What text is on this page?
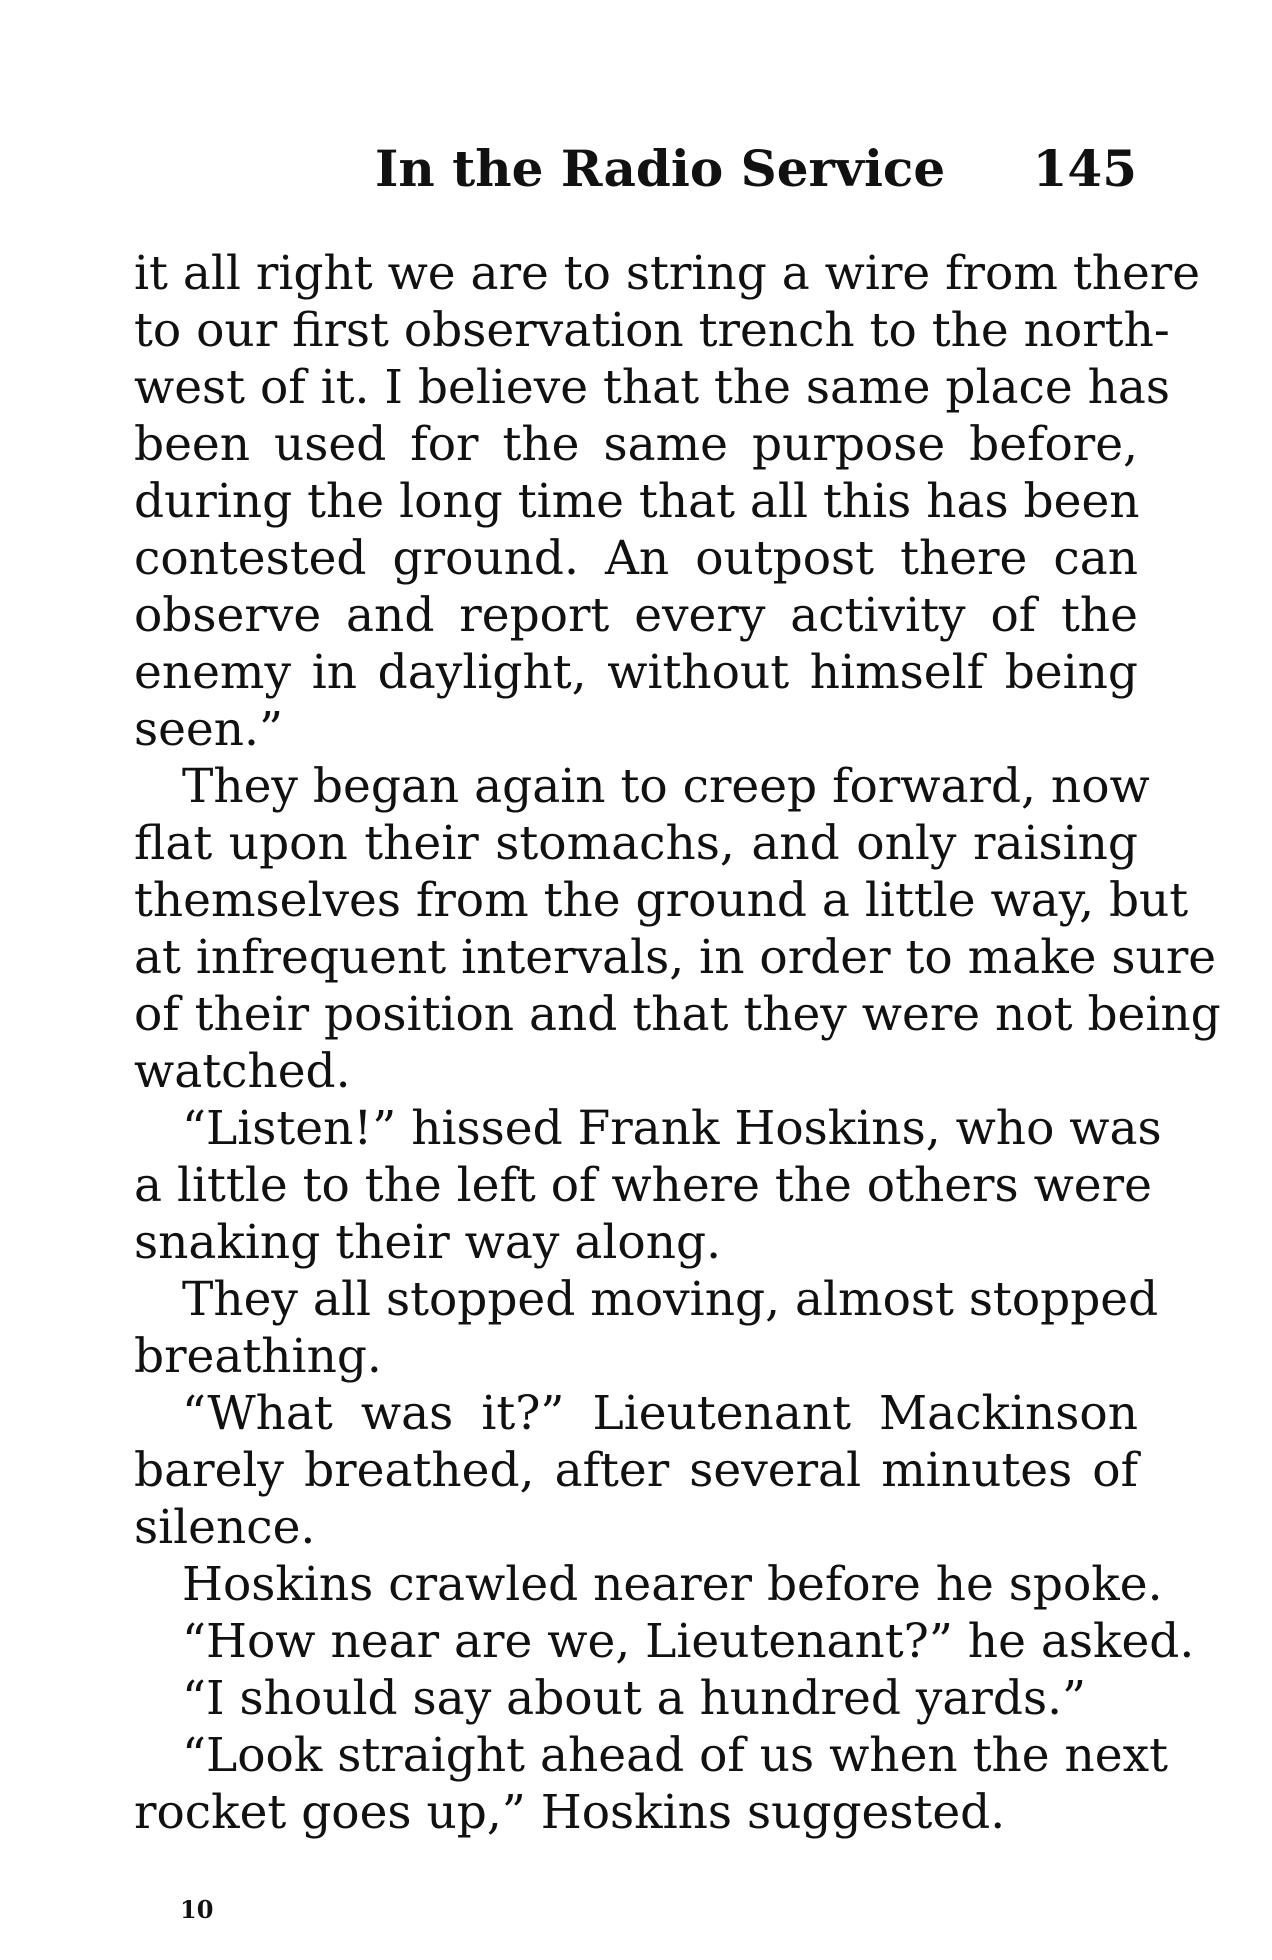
In the Radio Service 145
it all right we are to string a wire from there
to our first observation trench to the north-
west of it. I believe that the same place has
been used for the same purpose before,
during the long time that all this has been
contested ground. An outpost there can
observe and report every activity of the
enemy in daylight, without himself being
seen.”
They began again to creep forward, now
flat upon their stomachs, and only raising
themselves from the ground a little way, but
at infrequent intervals, in order to make sure
of their position and that they were not being
watched.
“Listen!” hissed Frank Hoskins, who was
a little to the left of where the others were
snaking their way along.
They all stopped moving, almost stopped
breathing.
“What was it?” Lieutenant Mackinson
barely breathed, after several minutes of
silence.
Hoskins crawled nearer before he spoke.
“How near are we, Lieutenant?” he asked.
“I should say about a hundred yards.”
“Look straight ahead of us when the next
rocket goes up,” Hoskins suggested.
10
